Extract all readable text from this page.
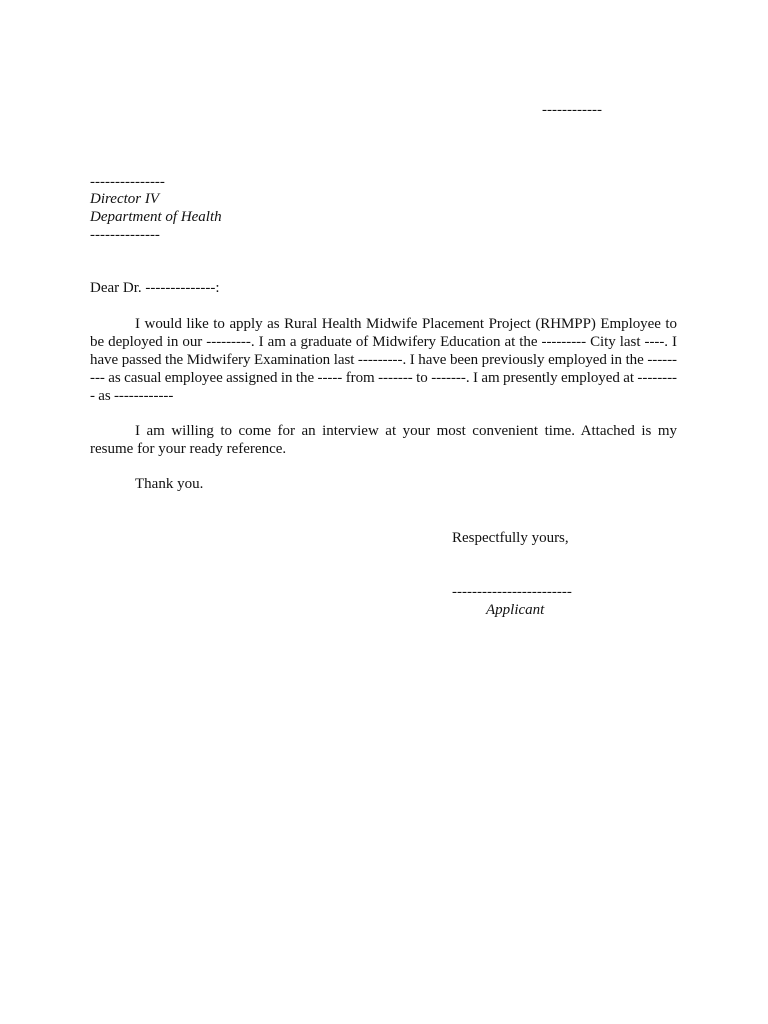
------------
---------------
Director IV
Department of Health
--------------
Dear Dr. --------------:
I would like to apply as Rural Health Midwife Placement Project (RHMPP) Employee to be deployed in our ---------. I am a graduate of Midwifery Education at the --------- City last ----. I have passed the Midwifery Examination last ---------. I have been previously employed in the --------- as casual employee assigned in the ----- from ------- to -------. I am presently employed at --------- as ------------
I am willing to come for an interview at your most convenient time. Attached is my resume for your ready reference.
Thank you.
Respectfully yours,
------------------------
Applicant
